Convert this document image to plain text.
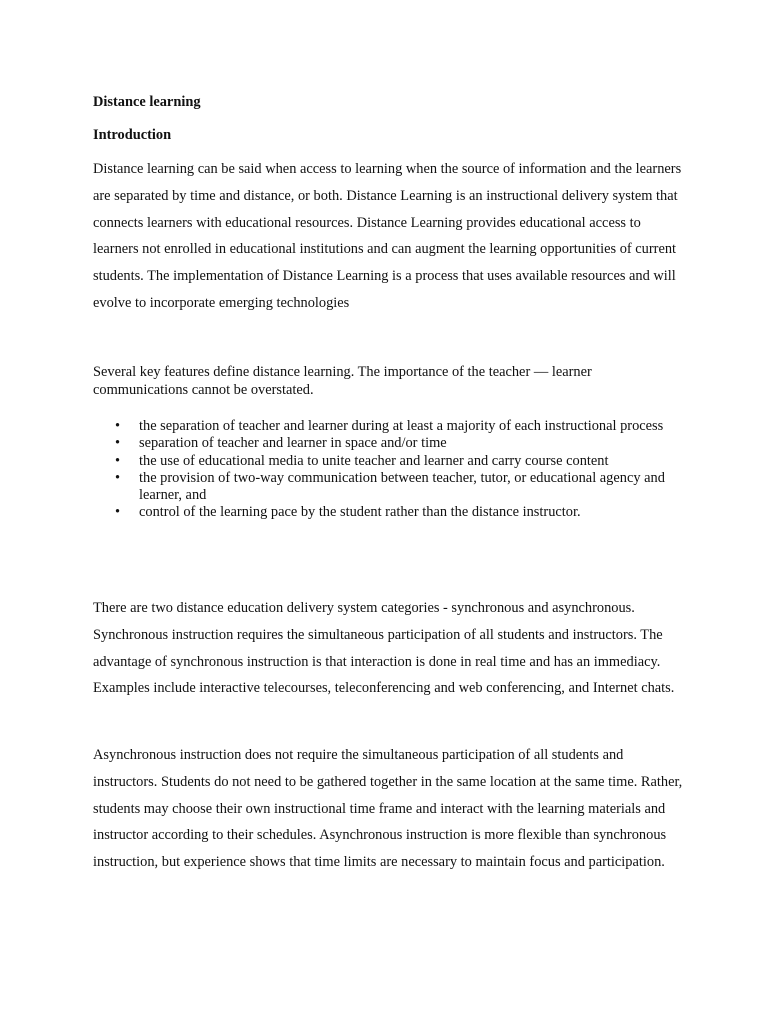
Distance learning
Introduction

Distance learning can be said when access to learning when the source of information and the learners are separated by time and distance, or both. Distance Learning is an instructional delivery system that connects learners with educational resources. Distance Learning provides educational access to learners not enrolled in educational institutions and can augment the learning opportunities of current students. The implementation of Distance Learning is a process that uses available resources and will evolve to incorporate emerging technologies

Several key features define distance learning. The importance of the teacher — learner communications cannot be overstated.

• the separation of teacher and learner during at least a majority of each instructional process
• separation of teacher and learner in space and/or time
• the use of educational media to unite teacher and learner and carry course content
• the provision of two-way communication between teacher, tutor, or educational agency and learner, and
• control of the learning pace by the student rather than the distance instructor.

There are two distance education delivery system categories - synchronous and asynchronous. Synchronous instruction requires the simultaneous participation of all students and instructors. The advantage of synchronous instruction is that interaction is done in real time and has an immediacy. Examples include interactive telecourses, teleconferencing and web conferencing, and Internet chats.

Asynchronous instruction does not require the simultaneous participation of all students and instructors. Students do not need to be gathered together in the same location at the same time. Rather, students may choose their own instructional time frame and interact with the learning materials and instructor according to their schedules. Asynchronous instruction is more flexible than synchronous instruction, but experience shows that time limits are necessary to maintain focus and participation.
